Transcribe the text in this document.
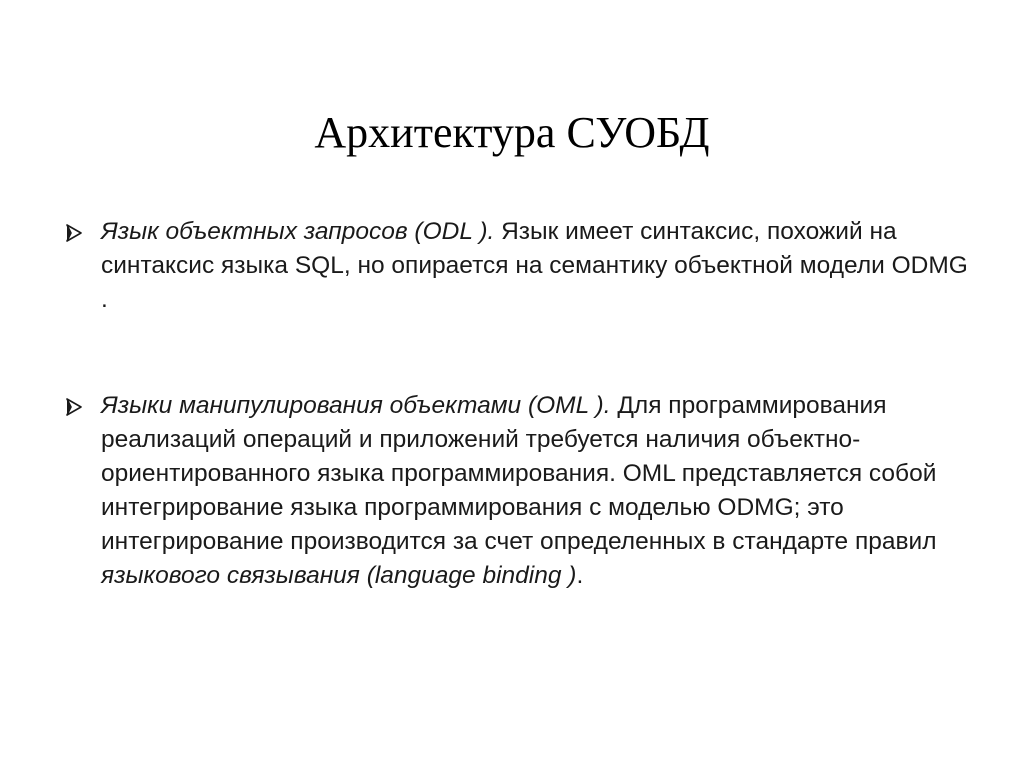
Архитектура СУОБД
Язык объектных запросов (ODL ). Язык имеет синтаксис, похожий на синтаксис языка SQL, но опирается на семантику объектной модели ODMG .
Языки манипулирования объектами (OML ). Для программирования реализаций операций и приложений требуется наличия объектно-ориентированного языка программирования. OML представляется собой интегрирование языка программирования с моделью ODMG; это интегрирование производится за счет определенных в стандарте правил языкового связывания (language binding ).
